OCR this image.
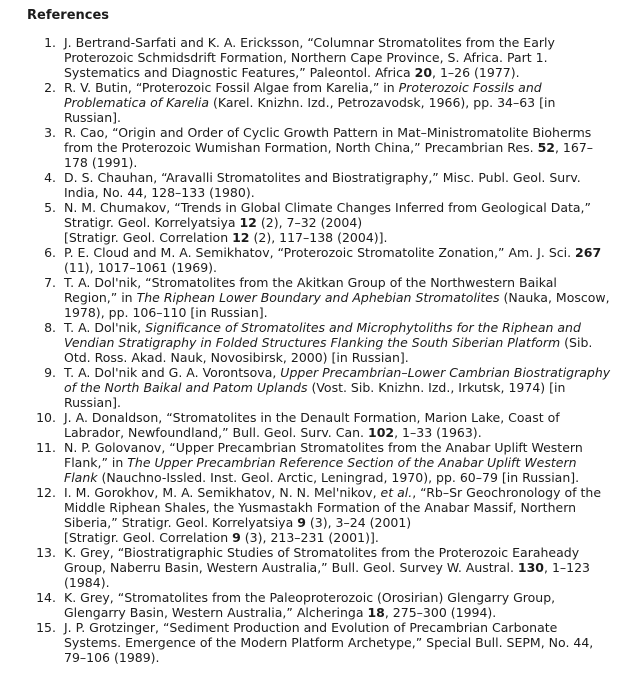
References
1. J. Bertrand-Sarfati and K. A. Ericksson, “Columnar Stromatolites from the Early Proterozoic Schmidsdrift Formation, Northern Cape Province, S. Africa. Part 1. Systematics and Diagnostic Features,” Paleontol. Africa 20, 1–26 (1977).
2. R. V. Butin, “Proterozoic Fossil Algae from Karelia,” in Proterozoic Fossils and Problematica of Karelia (Karel. Knizhn. Izd., Petrozavodsk, 1966), pp. 34–63 [in Russian].
3. R. Cao, “Origin and Order of Cyclic Growth Pattern in Mat–Ministromatolite Bioherms from the Proterozoic Wumishan Formation, North China,” Precambrian Res. 52, 167–178 (1991).
4. D. S. Chauhan, “Aravalli Stromatolites and Biostratigraphy,” Misc. Publ. Geol. Surv. India, No. 44, 128–133 (1980).
5. N. M. Chumakov, “Trends in Global Climate Changes Inferred from Geological Data,” Stratigr. Geol. Korrelyatsiya 12 (2), 7–32 (2004)
[Stratigr. Geol. Correlation 12 (2), 117–138 (2004)].
6. P. E. Cloud and M. A. Semikhatov, “Proterozoic Stromatolite Zonation,” Am. J. Sci. 267 (11), 1017–1061 (1969).
7. T. A. Dol'nik, “Stromatolites from the Akitkan Group of the Northwestern Baikal Region,” in The Riphean Lower Boundary and Aphebian Stromatolites (Nauka, Moscow, 1978), pp. 106–110 [in Russian].
8. T. A. Dol'nik, Significance of Stromatolites and Microphytoliths for the Riphean and Vendian Stratigraphy in Folded Structures Flanking the South Siberian Platform (Sib. Otd. Ross. Akad. Nauk, Novosibirsk, 2000) [in Russian].
9. T. A. Dol'nik and G. A. Vorontsova, Upper Precambrian–Lower Cambrian Biostratigraphy of the North Baikal and Patom Uplands (Vost. Sib. Knizhn. Izd., Irkutsk, 1974) [in Russian].
10. J. A. Donaldson, “Stromatolites in the Denault Formation, Marion Lake, Coast of Labrador, Newfoundland,” Bull. Geol. Surv. Can. 102, 1–33 (1963).
11. N. P. Golovanov, “Upper Precambrian Stromatolites from the Anabar Uplift Western Flank,” in The Upper Precambrian Reference Section of the Anabar Uplift Western Flank (Nauchno-Issled. Inst. Geol. Arctic, Leningrad, 1970), pp. 60–79 [in Russian].
12. I. M. Gorokhov, M. A. Semikhatov, N. N. Mel'nikov, et al., “Rb–Sr Geochronology of the Middle Riphean Shales, the Yusmastakh Formation of the Anabar Massif, Northern Siberia,” Stratigr. Geol. Korrelyatsiya 9 (3), 3–24 (2001)
[Stratigr. Geol. Correlation 9 (3), 213–231 (2001)].
13. K. Grey, “Biostratigraphic Studies of Stromatolites from the Proterozoic Earaheady Group, Naberru Basin, Western Australia,” Bull. Geol. Survey W. Austral. 130, 1–123 (1984).
14. K. Grey, “Stromatolites from the Paleoproterozoic (Orosirian) Glengarry Group, Glengarry Basin, Western Australia,” Alcheringa 18, 275–300 (1994).
15. J. P. Grotzinger, “Sediment Production and Evolution of Precambrian Carbonate Systems. Emergence of the Modern Platform Archetype,” Special Bull. SEPM, No. 44, 79–106 (1989).
